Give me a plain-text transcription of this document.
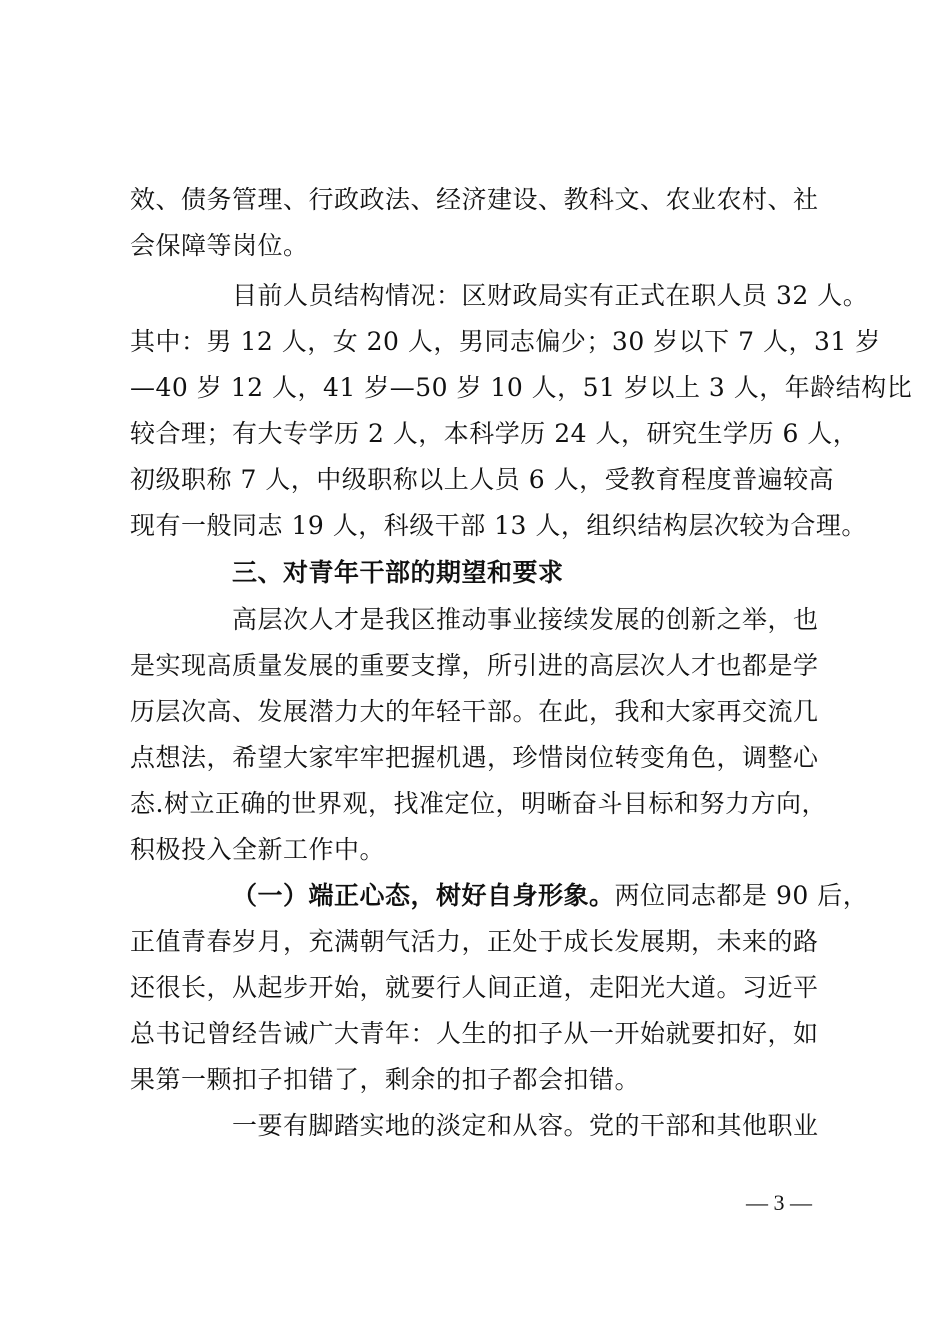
效、债务管理、行政政法、经济建设、教科文、农业农村、社
会保障等岗位。
目前人员结构情况：区财政局实有正式在职人员 32 人。
其中：男 12 人，女 20 人，男同志偏少；30 岁以下 7 人，31 岁
—40 岁 12 人，41 岁—50 岁 10 人，51 岁以上 3 人，年龄结构比
较合理；有大专学历 2 人，本科学历 24 人，研究生学历 6 人，
初级职称 7 人，中级职称以上人员 6 人，受教育程度普遍较高
现有一般同志 19 人，科级干部 13 人，组织结构层次较为合理。
三、对青年干部的期望和要求
高层次人才是我区推动事业接续发展的创新之举，也
是实现高质量发展的重要支撑，所引进的高层次人才也都是学
历层次高、发展潜力大的年轻干部。在此，我和大家再交流几
点想法，希望大家牢牢把握机遇，珍惜岗位转变角色，调整心
态.树立正确的世界观，找准定位，明晰奋斗目标和努力方向，
积极投入全新工作中。
（一）端正心态，树好自身形象。两位同志都是 90 后，
正值青春岁月，充满朝气活力，正处于成长发展期，未来的路
还很长，从起步开始，就要行人间正道，走阳光大道。习近平
总书记曾经告诫广大青年：人生的扣子从一开始就要扣好，如
果第一颗扣子扣错了，剩余的扣子都会扣错。
一要有脚踏实地的淡定和从容。党的干部和其他职业
— 3 —
